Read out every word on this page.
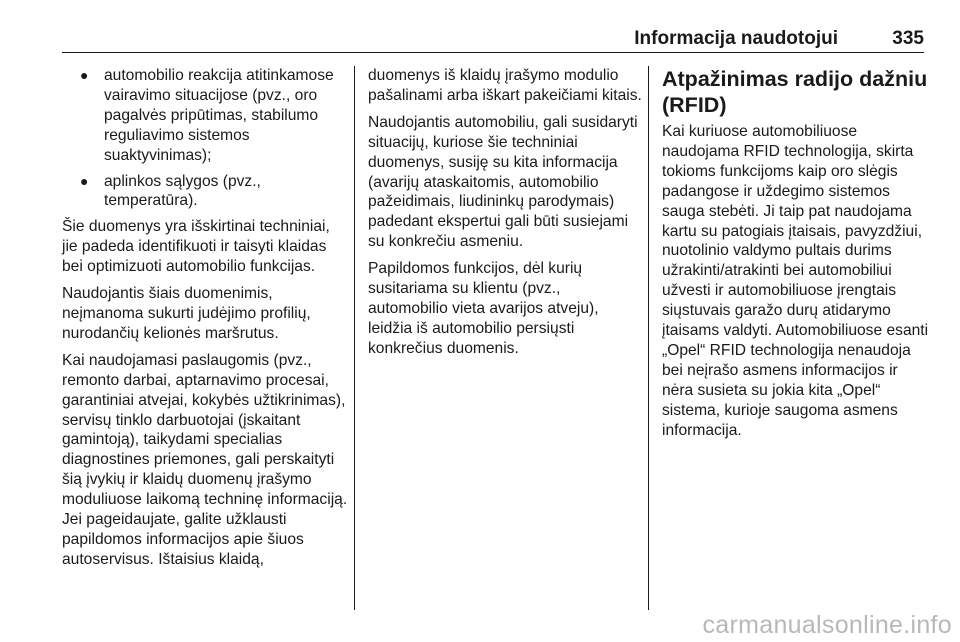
Informacija naudotojui	335
● automobilio reakcija atitinkamose vairavimo situacijose (pvz., oro pagalvės pripūtimas, stabilumo reguliavimo sistemos suaktyvinimas);
● aplinkos sąlygos (pvz., temperatūra).

Šie duomenys yra išskirtinai techniniai, jie padeda identifikuoti ir taisyti klaidas bei optimizuoti automobilio funkcijas.

Naudojantis šiais duomenimis, neįmanoma sukurti judėjimo profilių, nurodančių kelionės maršrutus.

Kai naudojamasi paslaugomis (pvz., remonto darbai, aptarnavimo procesai, garantiniai atvejai, kokybės užtikrinimas), servisų tinklo darbuotojai (įskaitant gamintoją), taikydami specialias diagnostines priemones, gali perskaityti šią įvykių ir klaidų duomenų įrašymo moduliuose laikomą techninę informaciją. Jei pageidaujate, galite užklausti papildomos informacijos apie šiuos autoservisus. Ištaisius klaidą,

duomenys iš klaidų įrašymo modulio pašalinami arba iškart pakeičiami kitais.

Naudojantis automobiliu, gali susidaryti situacijų, kuriose šie techniniai duomenys, susiję su kita informacija (avarijų ataskaitomis, automobilio pažeidimais, liudininkų parodymais) padedant ekspertui gali būti susiejami su konkrečiu asmeniu.

Papildomos funkcijos, dėl kurių susitariama su klientu (pvz., automobilio vieta avarijos atveju), leidžia iš automobilio persiųsti konkrečius duomenis.

Atpažinimas radijo dažniu (RFID)

Kai kuriuose automobiliuose naudojama RFID technologija, skirta tokioms funkcijoms kaip oro slėgis padangose ir uždegimo sistemos sauga stebėti. Ji taip pat naudojama kartu su patogiais įtaisais, pavyzdžiui, nuotolinio valdymo pultais durims užrakinti/atrakinti bei automobiliui užvesti ir automobiliuose įrengtais siųstuvais garažo durų atidarymo įtaisams valdyti. Automobiliuose esanti „Opel“ RFID technologija nenaudoja bei neįrašo asmens informacijos ir nėra susieta su jokia kita „Opel“ sistema, kurioje saugoma asmens informacija.

carmanualsonline.info
